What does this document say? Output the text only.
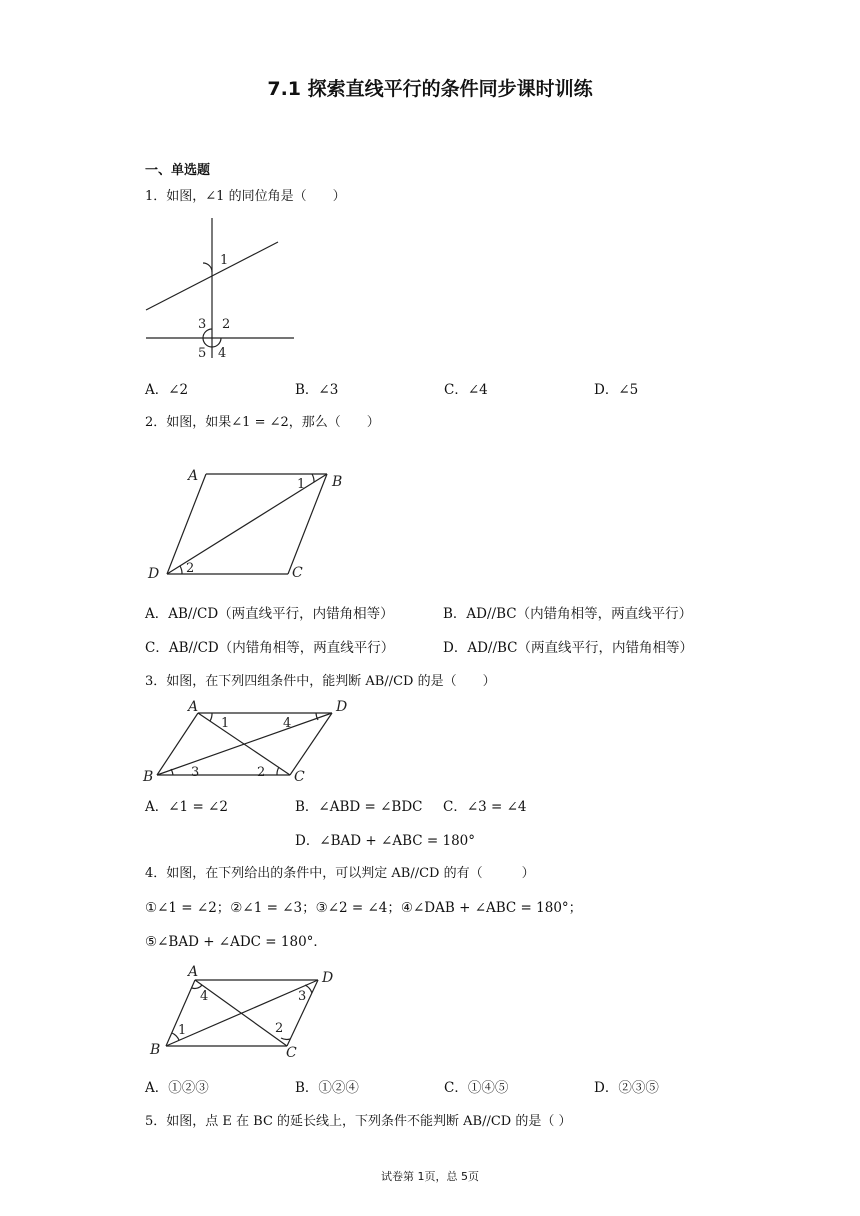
7.1 探索直线平行的条件同步课时训练
一、单选题
1．如图，∠1 的同位角是（　　）
1
3 2
5 4
A．∠2	B．∠3	C．∠4	D．∠5
2．如图，如果∠1 = ∠2，那么（　　）
A	B
C
D
1
2
A．AB//CD（两直线平行，内错角相等）	B．AD//BC（内错角相等，两直线平行）
C．AB//CD（内错角相等，两直线平行）	D．AD//BC（两直线平行，内错角相等）
3．如图，在下列四组条件中，能判断 AB//CD 的是（　　）
A	D
B	C
1	4
3	2
A．∠1 = ∠2	B．∠ABD = ∠BDC C．∠3 = ∠4
D．∠BAD + ∠ABC = 180°
4．如图，在下列给出的条件中，可以判定 AB//CD 的有（　　　）
①∠1 = ∠2；②∠1 = ∠3；③∠2 = ∠4；④∠DAB + ∠ABC = 180°；
⑤∠BAD + ∠ADC = 180°．
A	D
B	C
4	3
1	2
A．①②③	B．①②④	C．①④⑤	D．②③⑤
5．如图，点 E 在 BC 的延长线上，下列条件不能判断 AB//CD 的是（ ）
试卷第 1页，总 5页
